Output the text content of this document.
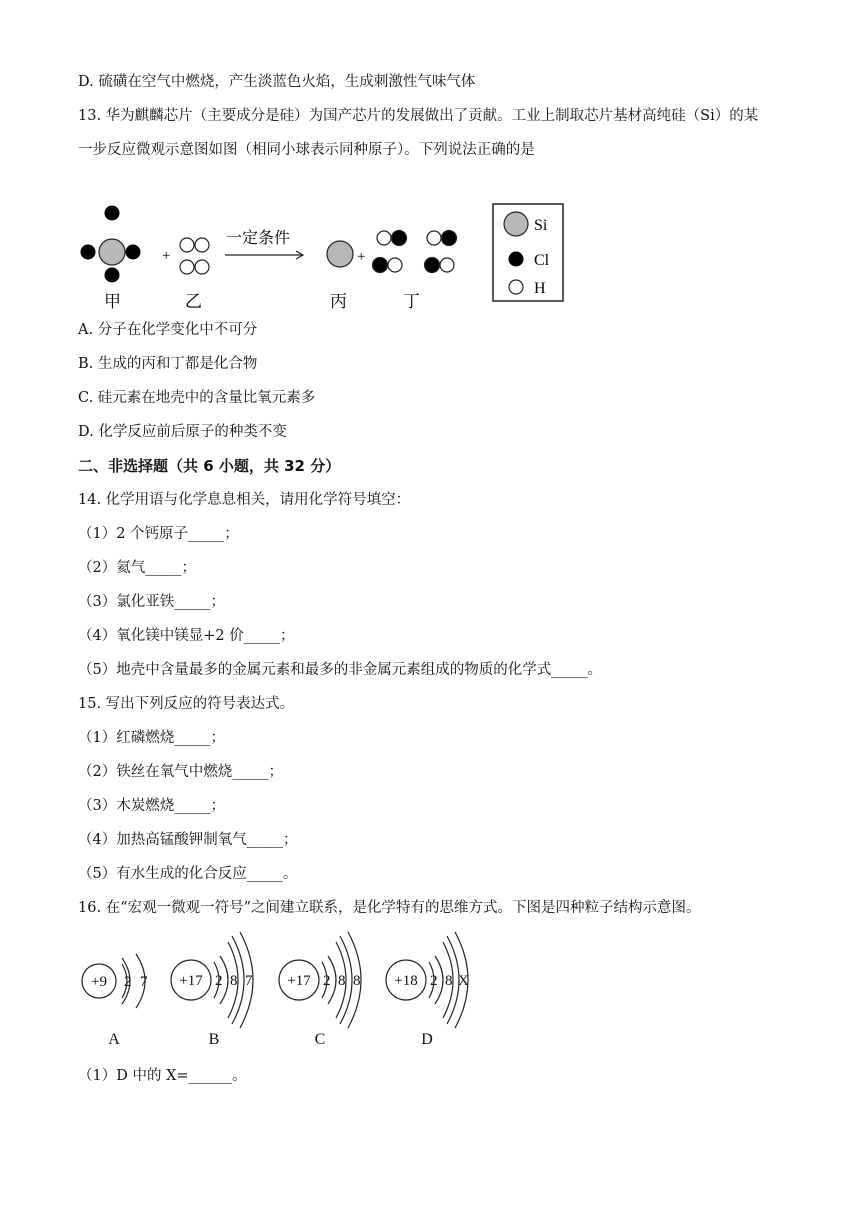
D. 硫磺在空气中燃烧，产生淡蓝色火焰，生成刺激性气味气体
13. 华为麒麟芯片（主要成分是硅）为国产芯片的发展做出了贡献。工业上制取芯片基材高纯硅（Si）的某
一步反应微观示意图如图（相同小球表示同种原子）。下列说法正确的是
+
一定条件
+
甲	乙	丙	丁
Si
Cl
H
A. 分子在化学变化中不可分
B. 生成的丙和丁都是化合物
C. 硅元素在地壳中的含量比氧元素多
D. 化学反应前后原子的种类不变
二、非选择题（共 6 小题，共 32 分）
14. 化学用语与化学息息相关，请用化学符号填空：
（1）2 个钙原子_____；
（2）氦气_____；
（3）氯化亚铁_____；
（4）氧化镁中镁显+2 价_____；
（5）地壳中含量最多的金属元素和最多的非金属元素组成的物质的化学式_____。
15. 写出下列反应的符号表达式。
（1）红磷燃烧_____；
（2）铁丝在氧气中燃烧_____；
（3）木炭燃烧_____；
（4）加热高锰酸钾制氧气_____；
（5）有水生成的化合反应_____。
16. 在“宏观一微观一符号”之间建立联系，是化学特有的思维方式。下图是四种粒子结构示意图。
+9 2 7 +17 2 8 7 +17 2 8 8 +18 2 8 X
A	B	C	D
（1）D 中的 X=______。
